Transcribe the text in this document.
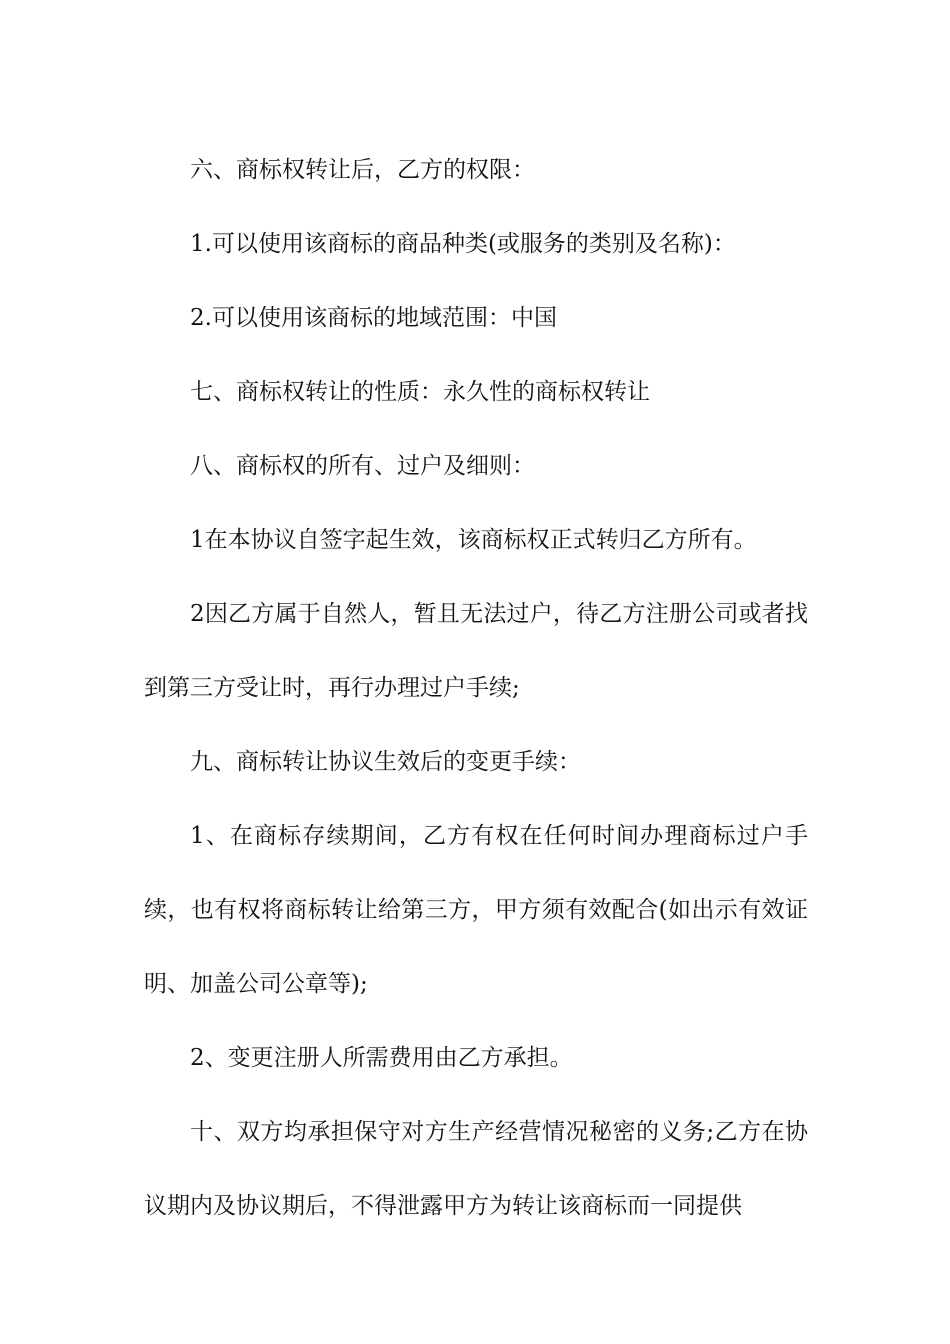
六、商标权转让后，乙方的权限：

1.可以使用该商标的商品种类(或服务的类别及名称)：

2.可以使用该商标的地域范围：中国

七、商标权转让的性质：永久性的商标权转让

八、商标权的所有、过户及细则：

1在本协议自签字起生效，该商标权正式转归乙方所有。

2因乙方属于自然人，暂且无法过户，待乙方注册公司或者找到第三方受让时，再行办理过户手续;

九、商标转让协议生效后的变更手续：

1、在商标存续期间，乙方有权在任何时间办理商标过户手续，也有权将商标转让给第三方，甲方须有效配合(如出示有效证明、加盖公司公章等);

2、变更注册人所需费用由乙方承担。

十、双方均承担保守对方生产经营情况秘密的义务;乙方在协议期内及协议期后，不得泄露甲方为转让该商标而一同提供
